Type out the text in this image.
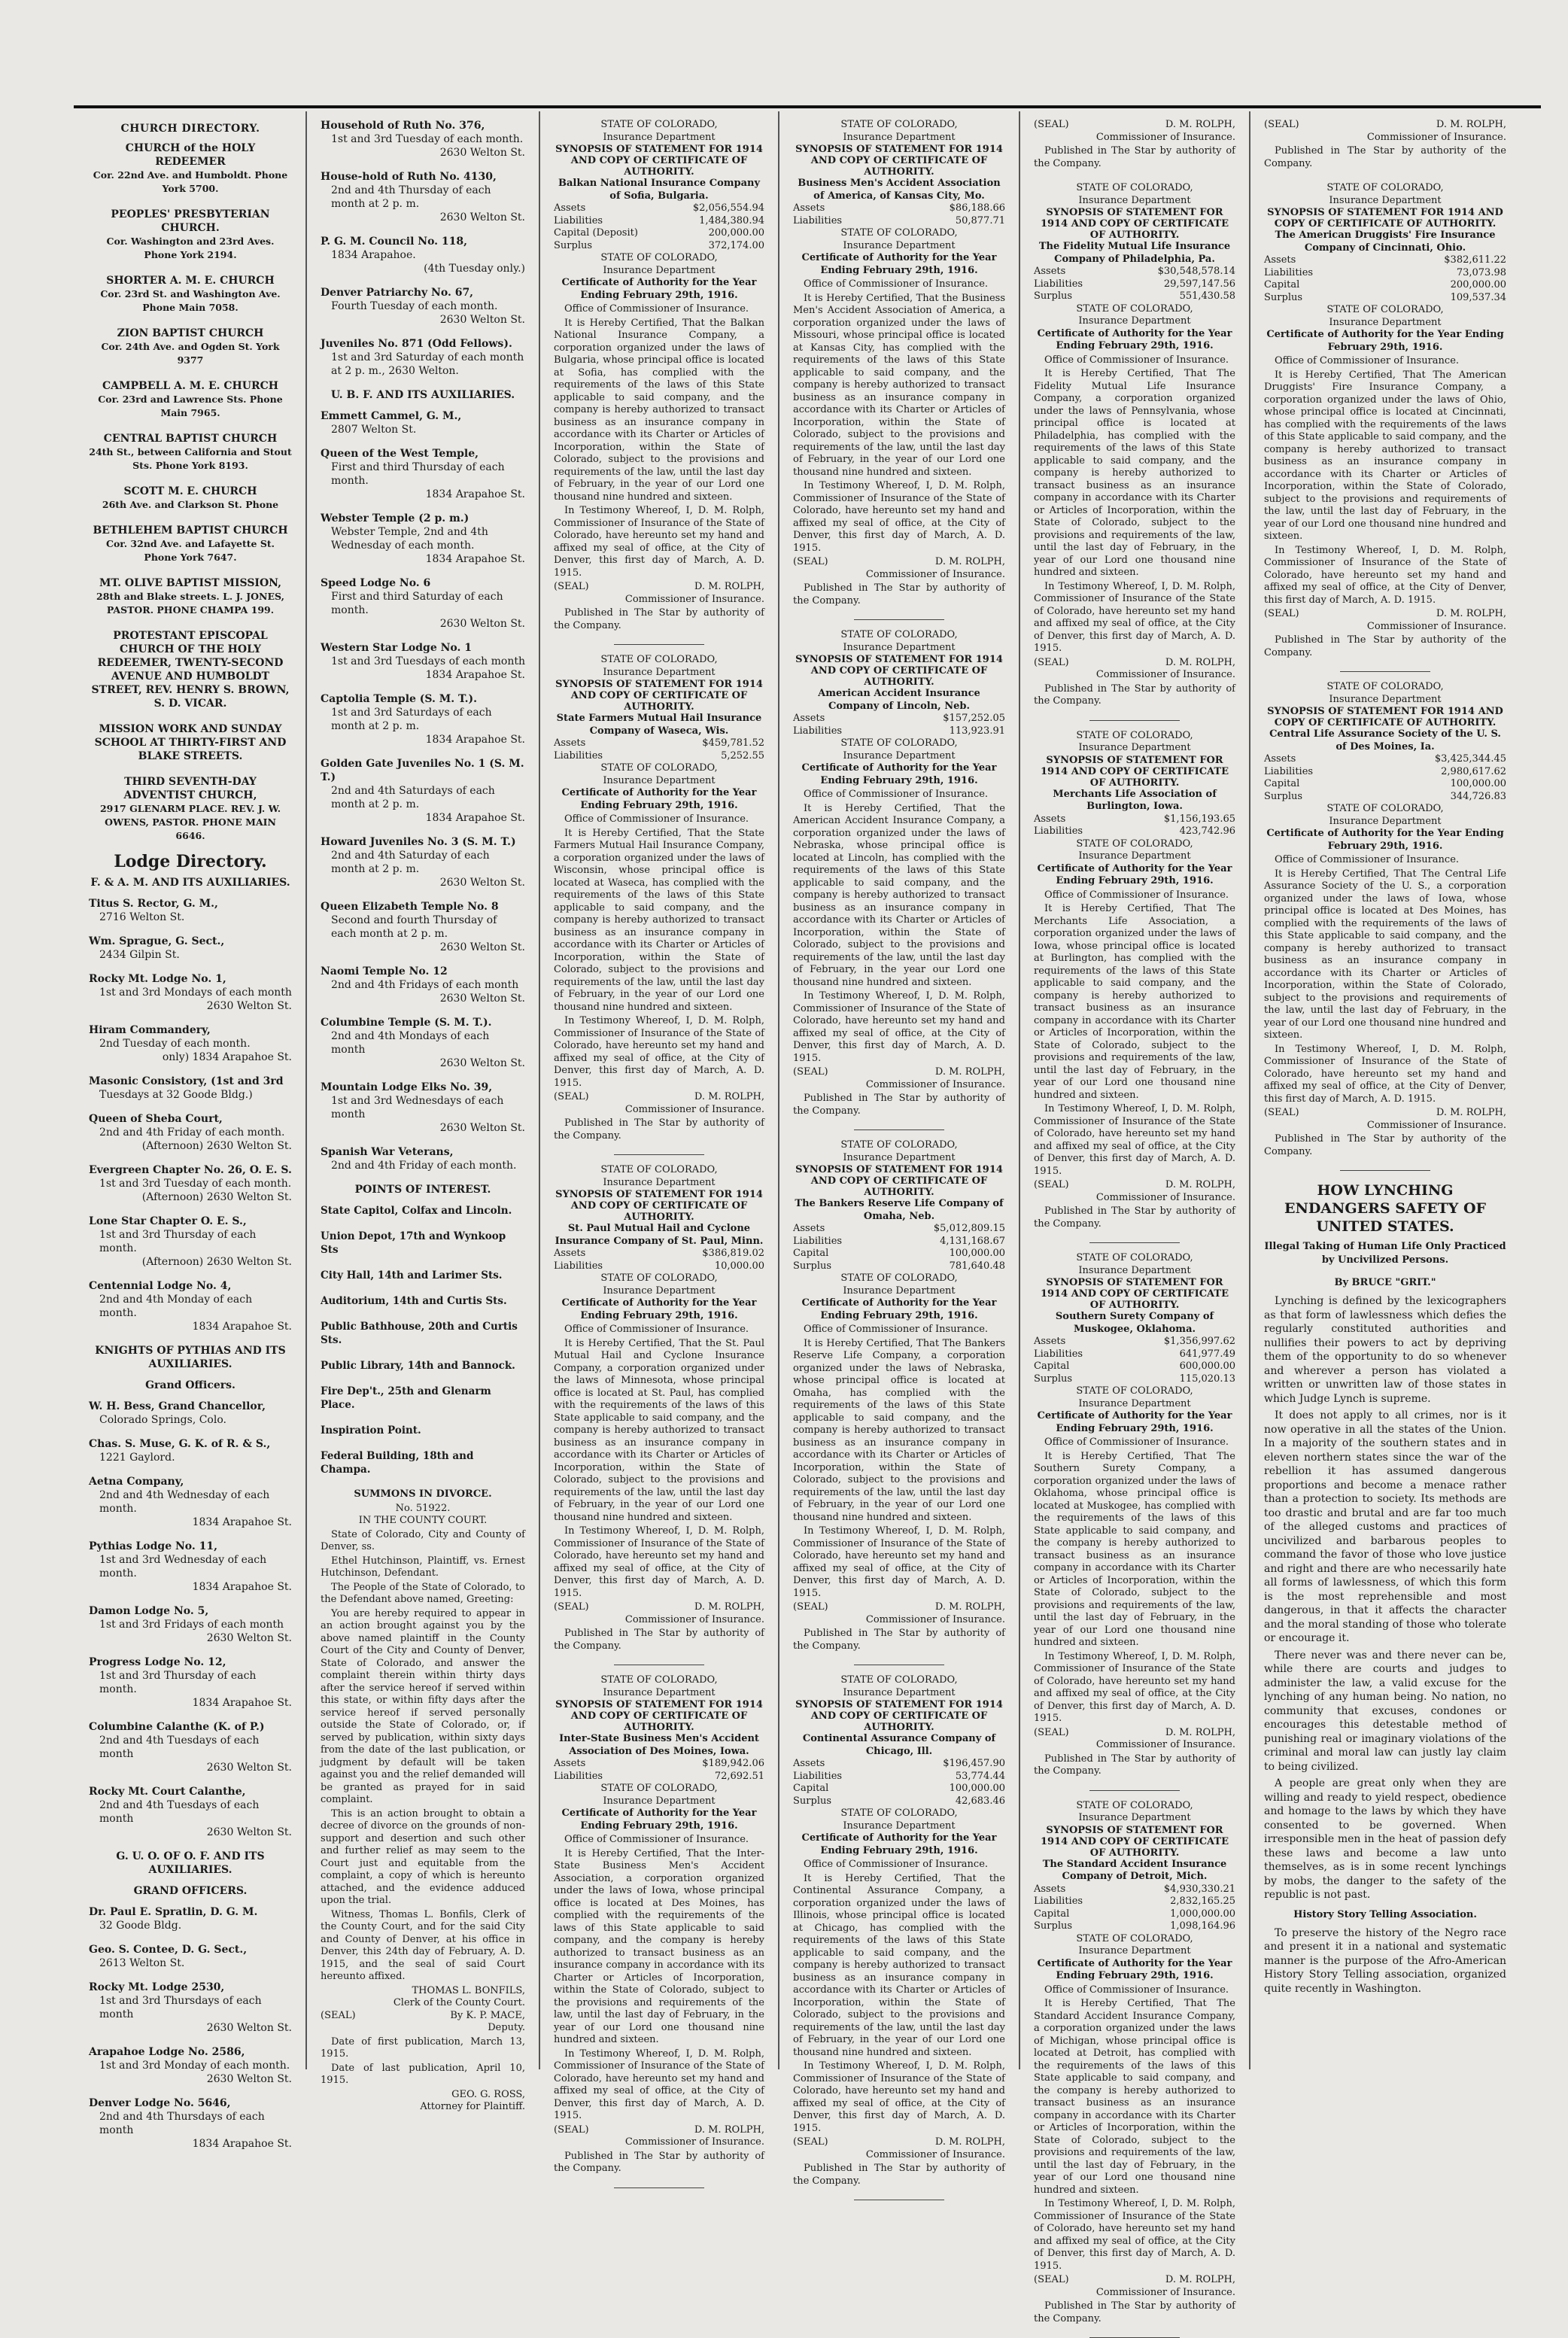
CHURCH DIRECTORY.
CHURCH of the HOLY REDEEMER
Cor. 22nd Ave. and Humboldt. Phone York 5700.
PEOPLES' PRESBYTERIAN CHURCH.
Cor. Washington and 23rd Aves. Phone York 2194.
SHORTER A. M. E. CHURCH
Cor. 23rd St. and Washington Ave. Phone Main 7058.
ZION BAPTIST CHURCH
Cor. 24th Ave. and Ogden St. York 9377
CAMPBELL A. M. E. CHURCH
Cor. 23rd and Lawrence Sts. Phone Main 7965.
CENTRAL BAPTIST CHURCH
24th St., between California and Stout Sts. Phone York 8193.
SCOTT M. E. CHURCH
26th Ave. and Clarkson St. Phone
BETHLEHEM BAPTIST CHURCH
Cor. 32nd Ave. and Lafayette St. Phone York 7647.
MT. OLIVE BAPTIST MISSION,
28th and Blake streets. L. J. JONES, PASTOR. PHONE CHAMPA 199.
PROTESTANT EPISCOPAL CHURCH OF THE HOLY REDEEMER, TWENTY-SECOND AVENUE AND HUMBOLDT STREET, REV. HENRY S. BROWN, S. D. VICAR.
MISSION WORK AND SUNDAY SCHOOL AT THIRTY-FIRST AND BLAKE STREETS.
THIRD SEVENTH-DAY ADVENTIST CHURCH,
2917 GLENARM PLACE. REV. J. W. OWENS, PASTOR. PHONE MAIN 6646.
Lodge Directory.
F. & A. M. AND ITS AUXILIARIES.
Titus S. Rector, G. M.,
2716 Welton St.
Wm. Sprague, G. Sect.,
2434 Gilpin St.
Rocky Mt. Lodge No. 1,
1st and 3rd Mondays of each month
2630 Welton St.
Hiram Commandery,
2nd Tuesday of each month.
only) 1834 Arapahoe St.
Masonic Consistory, (1st and 3rd
Tuesdays at 32 Goode Bldg.)
Queen of Sheba Court,
2nd and 4th Friday of each month.
(Afternoon) 2630 Welton St.
Evergreen Chapter No. 26, O. E. S.
1st and 3rd Tuesday of each month.
(Afternoon) 2630 Welton St.
Lone Star Chapter O. E. S.,
1st and 3rd Thursday of each month.
(Afternoon) 2630 Welton St.
Centennial Lodge No. 4,
2nd and 4th Monday of each month.
1834 Arapahoe St.
KNIGHTS OF PYTHIAS AND ITS AUXILIARIES.
Grand Officers.
W. H. Bess, Grand Chancellor,
Colorado Springs, Colo.
Chas. S. Muse, G. K. of R. & S.,
1221 Gaylord.
Aetna Company,
2nd and 4th Wednesday of each month.
1834 Arapahoe St.
Pythias Lodge No. 11,
1st and 3rd Wednesday of each month.
1834 Arapahoe St.
Damon Lodge No. 5,
1st and 3rd Fridays of each month
2630 Welton St.
Progress Lodge No. 12,
1st and 3rd Thursday of each month.
1834 Arapahoe St.
Columbine Calanthe (K. of P.)
2nd and 4th Tuesdays of each month
2630 Welton St.
Rocky Mt. Court Calanthe,
2nd and 4th Tuesdays of each month
2630 Welton St.
G. U. O. OF O. F. AND ITS AUXILIARIES.
GRAND OFFICERS.
Dr. Paul E. Spratlin, D. G. M.
32 Goode Bldg.
Geo. S. Contee, D. G. Sect.,
2613 Welton St.
Rocky Mt. Lodge 2530,
1st and 3rd Thursdays of each month
2630 Welton St.
Arapahoe Lodge No. 2586,
1st and 3rd Monday of each month.
2630 Welton St.
Denver Lodge No. 5646,
2nd and 4th Thursdays of each month
1834 Arapahoe St.
Household of Ruth No. 376,
1st and 3rd Tuesday of each month.
2630 Welton St.
House-hold of Ruth No. 4130,
2nd and 4th Thursday of each month at 2 p. m.
2630 Welton St.
P. G. M. Council No. 118,
1834 Arapahoe.
(4th Tuesday only.)
Denver Patriarchy No. 67,
Fourth Tuesday of each month.
2630 Welton St.
Juveniles No. 871 (Odd Fellows).
1st and 3rd Saturday of each month at 2 p. m., 2630 Welton.
U. B. F. AND ITS AUXILIARIES.
Emmett Cammel, G. M.,
2807 Welton St.
Queen of the West Temple,
First and third Thursday of each month.
1834 Arapahoe St.
Webster Temple (2 p. m.)
Webster Temple, 2nd and 4th Wednesday of each month.
1834 Arapahoe St.
Speed Lodge No. 6
First and third Saturday of each month.
2630 Welton St.
Western Star Lodge No. 1
1st and 3rd Tuesdays of each month
1834 Arapahoe St.
Captolia Temple (S. M. T.).
1st and 3rd Saturdays of each month at 2 p. m.
1834 Arapahoe St.
Golden Gate Juveniles No. 1 (S. M. T.)
2nd and 4th Saturdays of each month at 2 p. m.
1834 Arapahoe St.
Howard Juveniles No. 3 (S. M. T.)
2nd and 4th Saturday of each month at 2 p. m.
2630 Welton St.
Queen Elizabeth Temple No. 8
Second and fourth Thursday of each month at 2 p. m.
2630 Welton St.
Naomi Temple No. 12
2nd and 4th Fridays of each month
2630 Welton St.
Columbine Temple (S. M. T.).
2nd and 4th Mondays of each month
2630 Welton St.
Mountain Lodge Elks No. 39,
1st and 3rd Wednesdays of each month
2630 Welton St.
Spanish War Veterans,
2nd and 4th Friday of each month.
POINTS OF INTEREST.
State Capitol, Colfax and Lincoln.
Union Depot, 17th and Wynkoop Sts
City Hall, 14th and Larimer Sts.
Auditorium, 14th and Curtis Sts.
Public Bathhouse, 20th and Curtis Sts.
Public Library, 14th and Bannock.
Fire Dep't., 25th and Glenarm Place.
Inspiration Point.
Federal Building, 18th and Champa.
SUMMONS IN DIVORCE.
No. 51922.
IN THE COUNTY COURT.

State of Colorado, City and County of Denver, ss.

Ethel Hutchinson, Plaintiff, vs. Ernest Hutchinson, Defendant.

The People of the State of Colorado, to the Defendant above named, Greeting:

You are hereby required to appear in an action brought against you by the above named plaintiff in the County Court of the City and County of Denver, State of Colorado, and answer the complaint therein within thirty days after the service hereof if served within this state, or within fifty days after the service hereof if served personally outside the State of Colorado, or, if served by publication, within sixty days from the date of the last publication, or judgment by default will be taken against you and the relief demanded will be granted as prayed for in said complaint.

This is an action brought to obtain a decree of divorce on the grounds of non-support and desertion and such other and further relief as may seem to the Court just and equitable from the complaint, a copy of which is hereunto attached, and the evidence adduced upon the trial.

Witness, Thomas L. Bonfils, Clerk of the County Court, and for the said City and County of Denver, at his office in Denver, this 24th day of February, A. D. 1915, and the seal of said Court hereunto affixed.

THOMAS L. BONFILS,
Clerk of the County Court.
(SEAL)	By K. P. MACE,
Deputy.

Date of first publication, March 13, 1915.

Date of last publication, April 10, 1915.

GEO. G. ROSS,
Attorney for Plaintiff.
STATE OF COLORADO,
Insurance Department
SYNOPSIS OF STATEMENT FOR 1914 AND COPY OF CERTIFICATE OF AUTHORITY.
Balkan National Insurance Company of Sofia, Bulgaria.
Assets	$2,056,554.94
Liabilities	1,484,380.94
Capital (Deposit)	200,000.00
Surplus	372,174.00
STATE OF COLORADO,
Insurance Department
Certificate of Authority for the Year Ending February 29th, 1916.

Office of Commissioner of Insurance.

It is Hereby Certified, That the Balkan National Insurance Company, a corporation organized under the laws of Bulgaria, whose principal office is located at Sofia, has complied with the requirements of the laws of this State applicable to said company, and the company is hereby authorized to transact business as an insurance company in accordance with its Charter or Articles of Incorporation, within the State of Colorado, subject to the provisions and requirements of the law, until the last day of February, in the year of our Lord one thousand nine hundred and sixteen.

In Testimony Whereof, I, D. M. Rolph, Commissioner of Insurance of the State of Colorado, have hereunto set my hand and affixed my seal of office, at the City of Denver, this first day of March, A. D. 1915.

(SEAL)	D. M. ROLPH,
Commissioner of Insurance.

Published in The Star by authority of the Company.

STATE OF COLORADO,
Insurance Department
SYNOPSIS OF STATEMENT FOR 1914 AND COPY OF CERTIFICATE OF AUTHORITY.
State Farmers Mutual Hail Insurance Company of Waseca, Wis.
Assets	$459,781.52
Liabilities	5,252.55
STATE OF COLORADO,
Insurance Department
Certificate of Authority for the Year Ending February 29th, 1916.

Office of Commissioner of Insurance.

It is Hereby Certified, That the State Farmers Mutual Hail Insurance Company, a corporation organized under the laws of Wisconsin, whose principal office is located at Waseca, has complied with the requirements of the laws of this State applicable to said company, and the company is hereby authorized to transact business as an insurance company in accordance with its Charter or Articles of Incorporation, within the State of Colorado, subject to the provisions and requirements of the law, until the last day of February, in the year of our Lord one thousand nine hundred and sixteen.

In Testimony Whereof, I, D. M. Rolph, Commissioner of Insurance of the State of Colorado, have hereunto set my hand and affixed my seal of office, at the City of Denver, this first day of March, A. D. 1915.

(SEAL)	D. M. ROLPH,
Commissioner of Insurance.

Published in The Star by authority of the Company.

STATE OF COLORADO,
Insurance Department
SYNOPSIS OF STATEMENT FOR 1914 AND COPY OF CERTIFICATE OF AUTHORITY.
St. Paul Mutual Hail and Cyclone Insurance Company of St. Paul, Minn.
Assets	$386,819.02
Liabilities	10,000.00
STATE OF COLORADO,
Insurance Department
Certificate of Authority for the Year Ending February 29th, 1916.

Office of Commissioner of Insurance.

It is Hereby Certified, That the St. Paul Mutual Hail and Cyclone Insurance Company, a corporation organized under the laws of Minnesota, whose principal office is located at St. Paul, has complied with the requirements of the laws of this State applicable to said company, and the company is hereby authorized to transact business as an insurance company in accordance with its Charter or Articles of Incorporation, within the State of Colorado, subject to the provisions and requirements of the law, until the last day of February, in the year of our Lord one thousand nine hundred and sixteen.

In Testimony Whereof, I, D. M. Rolph, Commissioner of Insurance of the State of Colorado, have hereunto set my hand and affixed my seal of office, at the City of Denver, this first day of March, A. D. 1915.

(SEAL)	D. M. ROLPH,
Commissioner of Insurance.

Published in The Star by authority of the Company.

STATE OF COLORADO,
Insurance Department
SYNOPSIS OF STATEMENT FOR 1914 AND COPY OF CERTIFICATE OF AUTHORITY.
Inter-State Business Men's Accident Association of Des Moines, Iowa.
Assets	$189,942.06
Liabilities	72,692.51
STATE OF COLORADO,
Insurance Department
Certificate of Authority for the Year Ending February 29th, 1916.

Office of Commissioner of Insurance.

It is Hereby Certified, That the Inter-State Business Men's Accident Association, a corporation organized under the laws of Iowa, whose principal office is located at Des Moines, has complied with the requirements of the laws of this State applicable to said company, and the company is hereby authorized to transact business as an insurance company in accordance with its Charter or Articles of Incorporation, within the State of Colorado, subject to the provisions and requirements of the law, until the last day of February, in the year of our Lord one thousand nine hundred and sixteen.

In Testimony Whereof, I, D. M. Rolph, Commissioner of Insurance of the State of Colorado, have hereunto set my hand and affixed my seal of office, at the City of Denver, this first day of March, A. D. 1915.

(SEAL)	D. M. ROLPH,
Commissioner of Insurance.

Published in The Star by authority of the Company.

STATE OF COLORADO,
Insurance Department
SYNOPSIS OF STATEMENT FOR 1914 AND COPY OF CERTIFICATE OF AUTHORITY.
Business Men's Accident Association of America, of Kansas City, Mo.
Assets	$86,188.66
Liabilities	50,877.71
STATE OF COLORADO,
Insurance Department
Certificate of Authority for the Year Ending February 29th, 1916.

Office of Commissioner of Insurance.

It is Hereby Certified, That the Business Men's Accident Association of America, a corporation organized under the laws of Missouri, whose principal office is located at Kansas City, has complied with the requirements of the laws of this State applicable to said company, and the company is hereby authorized to transact business as an insurance company in accordance with its Charter or Articles of Incorporation, within the State of Colorado, subject to the provisions and requirements of the law, until the last day of February, in the year of our Lord one thousand nine hundred and sixteen.

In Testimony Whereof, I, D. M. Rolph, Commissioner of Insurance of the State of Colorado, have hereunto set my hand and affixed my seal of office, at the City of Denver, this first day of March, A. D. 1915.

(SEAL)	D. M. ROLPH,
Commissioner of Insurance.

Published in The Star by authority of the Company.

STATE OF COLORADO,
Insurance Department
SYNOPSIS OF STATEMENT FOR 1914 AND COPY OF CERTIFICATE OF AUTHORITY.
American Accident Insurance Company of Lincoln, Neb.
Assets	$157,252.05
Liabilities	113,923.91
STATE OF COLORADO,
Insurance Department
Certificate of Authority for the Year Ending February 29th, 1916.

Office of Commissioner of Insurance.

It is Hereby Certified, That the American Accident Insurance Company, a corporation organized under the laws of Nebraska, whose principal office is located at Lincoln, has complied with the requirements of the laws of this State applicable to said company, and the company is hereby authorized to transact business as an insurance company in accordance with its Charter or Articles of Incorporation, within the State of Colorado, subject to the provisions and requirements of the law, until the last day of February, in the year our Lord one thousand nine hundred and sixteen.

In Testimony Whereof, I, D. M. Rolph, Commissioner of Insurance of the State of Colorado, have hereunto set my hand and affixed my seal of office, at the City of Denver, this first day of March, A. D. 1915.

(SEAL)	D. M. ROLPH,
Commissioner of Insurance.

Published in The Star by authority of the Company.

STATE OF COLORADO,
Insurance Department
SYNOPSIS OF STATEMENT FOR 1914 AND COPY OF CERTIFICATE OF AUTHORITY.
The Bankers Reserve Life Company of Omaha, Neb.
Assets	$5,012,809.15
Liabilities	4,131,168.67
Capital	100,000.00
Surplus	781,640.48
STATE OF COLORADO,
Insurance Department
Certificate of Authority for the Year Ending February 29th, 1916.

Office of Commissioner of Insurance.

It is Hereby Certified, That The Bankers Reserve Life Company, a corporation organized under the laws of Nebraska, whose principal office is located at Omaha, has complied with the requirements of the laws of this State applicable to said company, and the company is hereby authorized to transact business as an insurance company in accordance with its Charter or Articles of Incorporation, within the State of Colorado, subject to the provisions and requirements of the law, until the last day of February, in the year of our Lord one thousand nine hundred and sixteen.

In Testimony Whereof, I, D. M. Rolph, Commissioner of Insurance of the State of Colorado, have hereunto set my hand and affixed my seal of office, at the City of Denver, this first day of March, A. D. 1915.

(SEAL)	D. M. ROLPH,
Commissioner of Insurance.

Published in The Star by authority of the Company.

STATE OF COLORADO,
Insurance Department
SYNOPSIS OF STATEMENT FOR 1914 AND COPY OF CERTIFICATE OF AUTHORITY.
Continental Assurance Company of Chicago, Ill.
Assets	$196,457.90
Liabilities	53,774.44
Capital	100,000.00
Surplus	42,683.46
STATE OF COLORADO,
Insurance Department
Certificate of Authority for the Year Ending February 29th, 1916.

Office of Commissioner of Insurance.

It is Hereby Certified, That the Continental Assurance Company, a corporation organized under the laws of Illinois, whose principal office is located at Chicago, has complied with the requirements of the laws of this State applicable to said company, and the company is hereby authorized to transact business as an insurance company in accordance with its Charter or Articles of Incorporation, within the State of Colorado, subject to the provisions and requirements of the law, until the last day of February, in the year of our Lord one thousand nine hundred and sixteen.

In Testimony Whereof, I, D. M. Rolph, Commissioner of Insurance of the State of Colorado, have hereunto set my hand and affixed my seal of office, at the City of Denver, this first day of March, A. D. 1915.

(SEAL)	D. M. ROLPH,
Commissioner of Insurance.

Published in The Star by authority of the Company.

(SEAL)	D. M. ROLPH,
Commissioner of Insurance.

Published in The Star by authority of the Company.

STATE OF COLORADO,
Insurance Department
SYNOPSIS OF STATEMENT FOR 1914 AND COPY OF CERTIFICATE OF AUTHORITY.
The Fidelity Mutual Life Insurance Company of Philadelphia, Pa.
Assets	$30,548,578.14
Liabilities	29,597,147.56
Surplus	551,430.58
STATE OF COLORADO,
Insurance Department
Certificate of Authority for the Year Ending February 29th, 1916.

Office of Commissioner of Insurance.

It is Hereby Certified, That The Fidelity Mutual Life Insurance Company, a corporation organized under the laws of Pennsylvania, whose principal office is located at Philadelphia, has complied with the requirements of the laws of this State applicable to said company, and the company is hereby authorized to transact business as an insurance company in accordance with its Charter or Articles of Incorporation, within the State of Colorado, subject to the provisions and requirements of the law, until the last day of February, in the year of our Lord one thousand nine hundred and sixteen.

In Testimony Whereof, I, D. M. Rolph, Commissioner of Insurance of the State of Colorado, have hereunto set my hand and affixed my seal of office, at the City of Denver, this first day of March, A. D. 1915.

(SEAL)	D. M. ROLPH,
Commissioner of Insurance.

Published in The Star by authority of the Company.

STATE OF COLORADO,
Insurance Department
SYNOPSIS OF STATEMENT FOR 1914 AND COPY OF CERTIFICATE OF AUTHORITY.
Merchants Life Association of Burlington, Iowa.
Assets	$1,156,193.65
Liabilities	423,742.96
STATE OF COLORADO,
Insurance Department
Certificate of Authority for the Year Ending February 29th, 1916.

Office of Commissioner of Insurance.

It is Hereby Certified, That The Merchants Life Association, a corporation organized under the laws of Iowa, whose principal office is located at Burlington, has complied with the requirements of the laws of this State applicable to said company, and the company is hereby authorized to transact business as an insurance company in accordance with its Charter or Articles of Incorporation, within the State of Colorado, subject to the provisions and requirements of the law, until the last day of February, in the year of our Lord one thousand nine hundred and sixteen.

In Testimony Whereof, I, D. M. Rolph, Commissioner of Insurance of the State of Colorado, have hereunto set my hand and affixed my seal of office, at the City of Denver, this first day of March, A. D. 1915.

(SEAL)	D. M. ROLPH,
Commissioner of Insurance.

Published in The Star by authority of the Company.

STATE OF COLORADO,
Insurance Department
SYNOPSIS OF STATEMENT FOR 1914 AND COPY OF CERTIFICATE OF AUTHORITY.
Southern Surety Company of Muskogee, Oklahoma.
Assets	$1,356,997.62
Liabilities	641,977.49
Capital	600,000.00
Surplus	115,020.13
STATE OF COLORADO,
Insurance Department
Certificate of Authority for the Year Ending February 29th, 1916.

Office of Commissioner of Insurance.

It is Hereby Certified, That The Southern Surety Company, a corporation organized under the laws of Oklahoma, whose principal office is located at Muskogee, has complied with the requirements of the laws of this State applicable to said company, and the company is hereby authorized to transact business as an insurance company in accordance with its Charter or Articles of Incorporation, within the State of Colorado, subject to the provisions and requirements of the law, until the last day of February, in the year of our Lord one thousand nine hundred and sixteen.

In Testimony Whereof, I, D. M. Rolph, Commissioner of Insurance of the State of Colorado, have hereunto set my hand and affixed my seal of office, at the City of Denver, this first day of March, A. D. 1915.

(SEAL)	D. M. ROLPH,
Commissioner of Insurance.

Published in The Star by authority of the Company.

STATE OF COLORADO,
Insurance Department
SYNOPSIS OF STATEMENT FOR 1914 AND COPY OF CERTIFICATE OF AUTHORITY.
The Standard Accident Insurance Company of Detroit, Mich.
Assets	$4,930,330.21
Liabilities	2,832,165.25
Capital	1,000,000.00
Surplus	1,098,164.96
STATE OF COLORADO,
Insurance Department
Certificate of Authority for the Year Ending February 29th, 1916.

Office of Commissioner of Insurance.

It is Hereby Certified, That The Standard Accident Insurance Company, a corporation organized under the laws of Michigan, whose principal office is located at Detroit, has complied with the requirements of the laws of this State applicable to said company, and the company is hereby authorized to transact business as an insurance company in accordance with its Charter or Articles of Incorporation, within the State of Colorado, subject to the provisions and requirements of the law, until the last day of February, in the year of our Lord one thousand nine hundred and sixteen.

In Testimony Whereof, I, D. M. Rolph, Commissioner of Insurance of the State of Colorado, have hereunto set my hand and affixed my seal of office, at the City of Denver, this first day of March, A. D. 1915.

(SEAL)	D. M. ROLPH,
Commissioner of Insurance.

Published in The Star by authority of the Company.

(SEAL)	D. M. ROLPH,
Commissioner of Insurance.

Published in The Star by authority of the Company.

STATE OF COLORADO,
Insurance Department
SYNOPSIS OF STATEMENT FOR 1914 AND COPY OF CERTIFICATE OF AUTHORITY.
The American Druggists' Fire Insurance Company of Cincinnati, Ohio.
Assets	$382,611.22
Liabilities	73,073.98
Capital	200,000.00
Surplus	109,537.34
STATE OF COLORADO,
Insurance Department
Certificate of Authority for the Year Ending February 29th, 1916.

Office of Commissioner of Insurance.

It is Hereby Certified, That The American Druggists' Fire Insurance Company, a corporation organized under the laws of Ohio, whose principal office is located at Cincinnati, has complied with the requirements of the laws of this State applicable to said company, and the company is hereby authorized to transact business as an insurance company in accordance with its Charter or Articles of Incorporation, within the State of Colorado, subject to the provisions and requirements of the law, until the last day of February, in the year of our Lord one thousand nine hundred and sixteen.

In Testimony Whereof, I, D. M. Rolph, Commissioner of Insurance of the State of Colorado, have hereunto set my hand and affixed my seal of office, at the City of Denver, this first day of March, A. D. 1915.

(SEAL)	D. M. ROLPH,
Commissioner of Insurance.

Published in The Star by authority of the Company.

STATE OF COLORADO,
Insurance Department
SYNOPSIS OF STATEMENT FOR 1914 AND COPY OF CERTIFICATE OF AUTHORITY.
Central Life Assurance Society of the U. S. of Des Moines, Ia.
Assets	$3,425,344.45
Liabilities	2,980,617.62
Capital	100,000.00
Surplus	344,726.83
STATE OF COLORADO,
Insurance Department
Certificate of Authority for the Year Ending February 29th, 1916.

Office of Commissioner of Insurance.

It is Hereby Certified, That The Central Life Assurance Society of the U. S., a corporation organized under the laws of Iowa, whose principal office is located at Des Moines, has complied with the requirements of the laws of this State applicable to said company, and the company is hereby authorized to transact business as an insurance company in accordance with its Charter or Articles of Incorporation, within the State of Colorado, subject to the provisions and requirements of the law, until the last day of February, in the year of our Lord one thousand nine hundred and sixteen.

In Testimony Whereof, I, D. M. Rolph, Commissioner of Insurance of the State of Colorado, have hereunto set my hand and affixed my seal of office, at the City of Denver, this first day of March, A. D. 1915.

(SEAL)	D. M. ROLPH,
Commissioner of Insurance.

Published in The Star by authority of the Company.

HOW LYNCHING ENDANGERS SAFETY OF UNITED STATES.
Illegal Taking of Human Life Only Practiced by Uncivilized Persons.
By BRUCE "GRIT."

Lynching is defined by the lexicographers as that form of lawlessness which defies the regularly constituted authorities and nullifies their powers to act by depriving them of the opportunity to do so whenever and wherever a person has violated a written or unwritten law of those states in which Judge Lynch is supreme.

It does not apply to all crimes, nor is it now operative in all the states of the Union. In a majority of the southern states and in eleven northern states since the war of the rebellion it has assumed dangerous proportions and become a menace rather than a protection to society. Its methods are too drastic and brutal and are far too much of the alleged customs and practices of uncivilized and barbarous peoples to command the favor of those who love justice and right and there are who necessarily hate all forms of lawlessness, of which this form is the most reprehensible and most dangerous, in that it affects the character and the moral standing of those who tolerate or encourage it.

There never was and there never can be, while there are courts and judges to administer the law, a valid excuse for the lynching of any human being. No nation, no community that excuses, condones or encourages this detestable method of punishing real or imaginary violations of the criminal and moral law can justly lay claim to being civilized.

A people are great only when they are willing and ready to yield respect, obedience and homage to the laws by which they have consented to be governed. When irresponsible men in the heat of passion defy these laws and become a law unto themselves, as is in some recent lynchings by mobs, the danger to the safety of the republic is not past.

History Story Telling Association.

To preserve the history of the Negro race and present it in a national and systematic manner is the purpose of the Afro-American History Story Telling association, organized quite recently in Washington.
